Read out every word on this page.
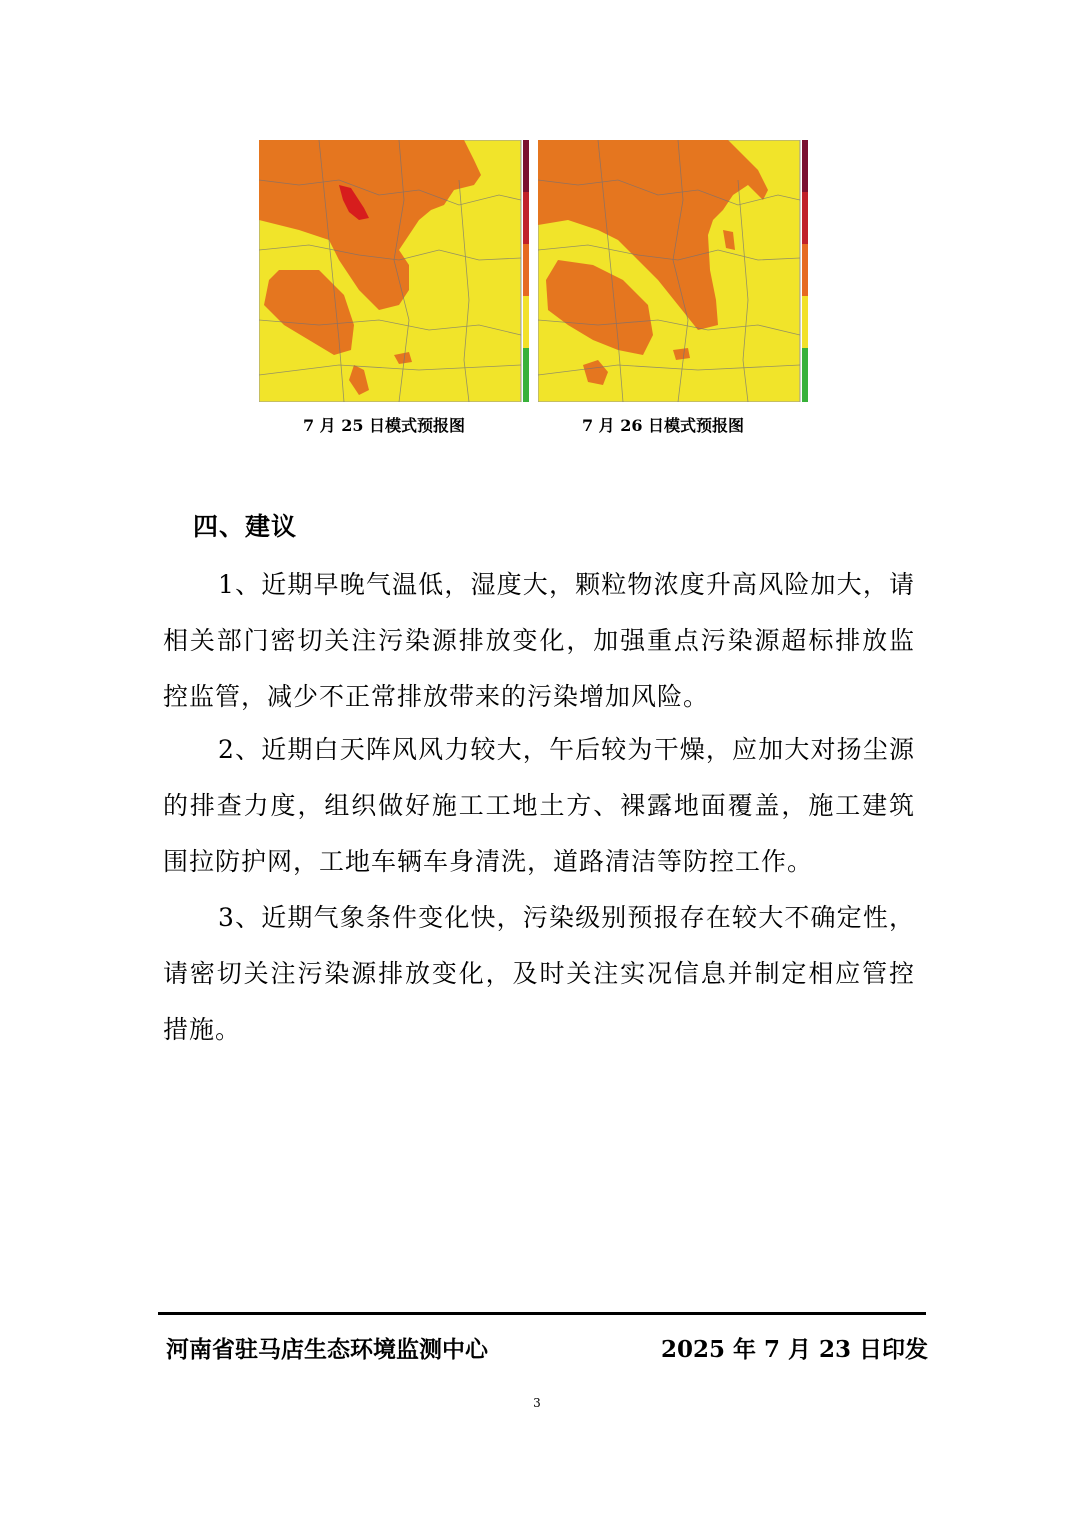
7 月 25 日模式预报图	7 月 26 日模式预报图
四、建议
1、近期早晚气温低，湿度大，颗粒物浓度升高风险加大，请相关部门密切关注污染源排放变化，加强重点污染源超标排放监控监管，减少不正常排放带来的污染增加风险。
2、近期白天阵风风力较大，午后较为干燥，应加大对扬尘源的排查力度，组织做好施工工地土方、裸露地面覆盖，施工建筑围拉防护网，工地车辆车身清洗，道路清洁等防控工作。
3、近期气象条件变化快，污染级别预报存在较大不确定性，请密切关注污染源排放变化，及时关注实况信息并制定相应管控措施。
河南省驻马店生态环境监测中心	2025 年 7 月 23 日印发
3
